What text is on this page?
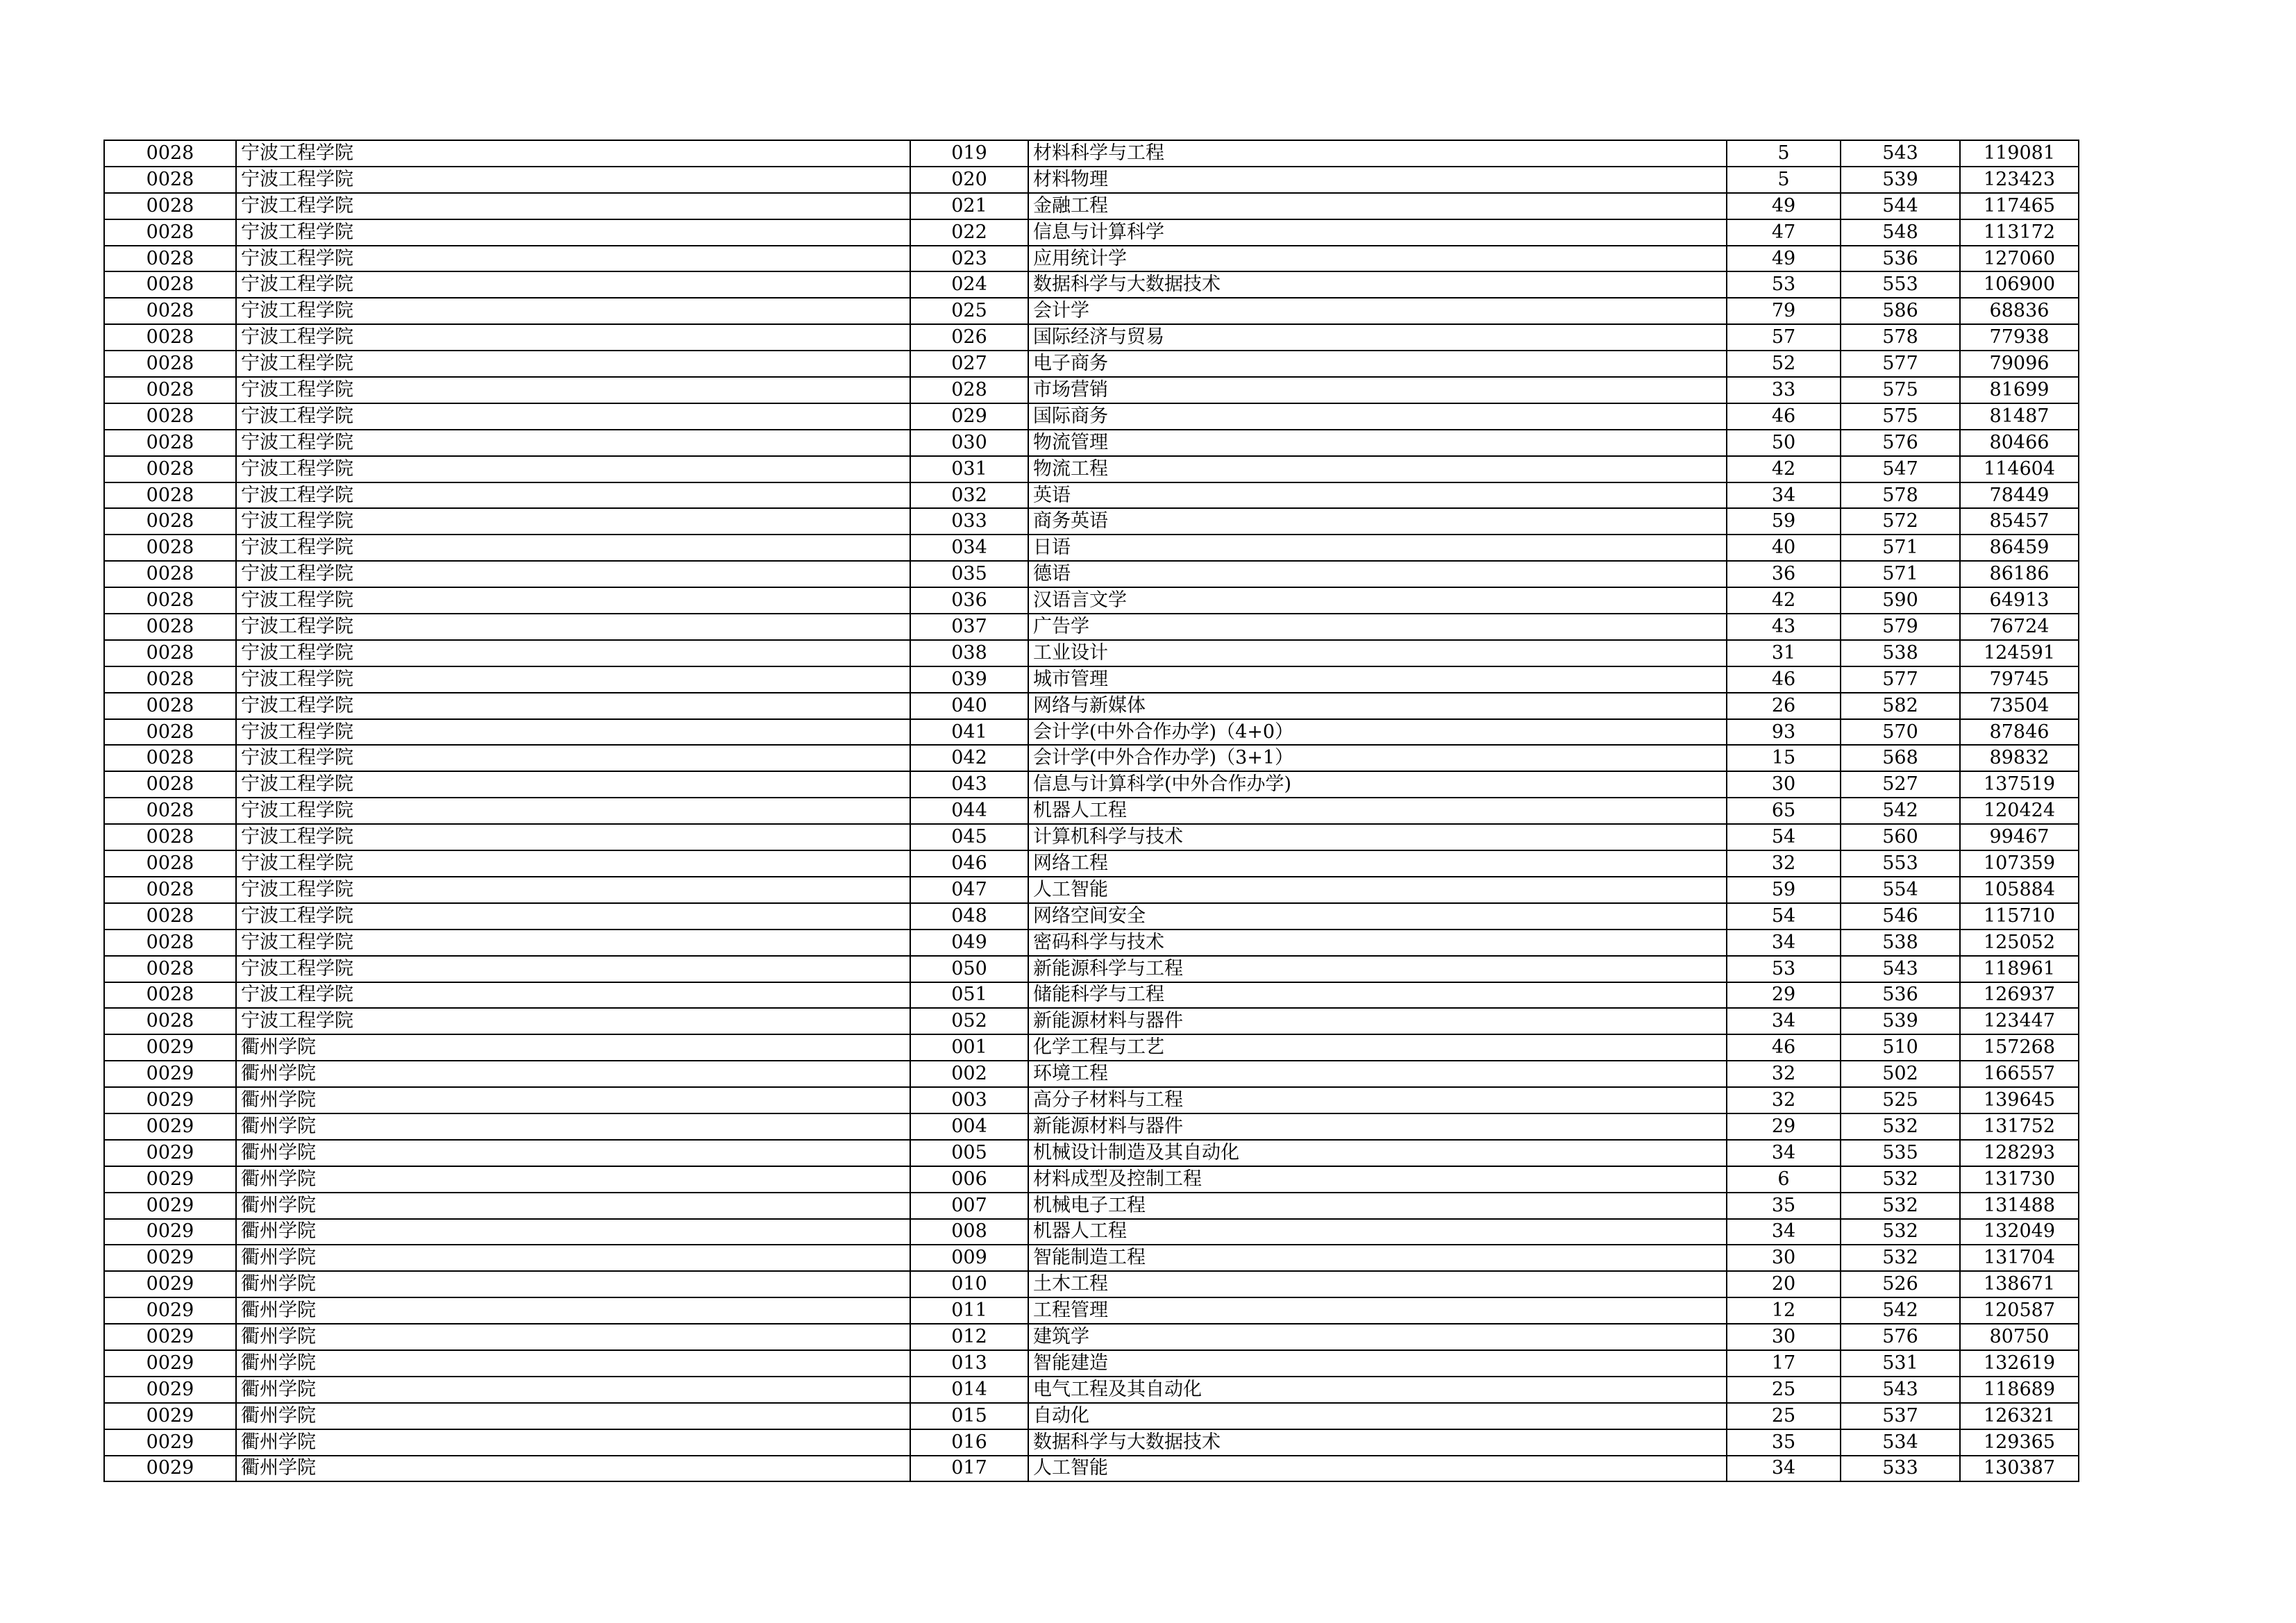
0028	宁波工程学院	019	材料科学与工程	5	543	119081
0028	宁波工程学院	020	材料物理	5	539	123423
0028	宁波工程学院	021	金融工程	49	544	117465
0028	宁波工程学院	022	信息与计算科学	47	548	113172
0028	宁波工程学院	023	应用统计学	49	536	127060
0028	宁波工程学院	024	数据科学与大数据技术	53	553	106900
0028	宁波工程学院	025	会计学	79	586	68836
0028	宁波工程学院	026	国际经济与贸易	57	578	77938
0028	宁波工程学院	027	电子商务	52	577	79096
0028	宁波工程学院	028	市场营销	33	575	81699
0028	宁波工程学院	029	国际商务	46	575	81487
0028	宁波工程学院	030	物流管理	50	576	80466
0028	宁波工程学院	031	物流工程	42	547	114604
0028	宁波工程学院	032	英语	34	578	78449
0028	宁波工程学院	033	商务英语	59	572	85457
0028	宁波工程学院	034	日语	40	571	86459
0028	宁波工程学院	035	德语	36	571	86186
0028	宁波工程学院	036	汉语言文学	42	590	64913
0028	宁波工程学院	037	广告学	43	579	76724
0028	宁波工程学院	038	工业设计	31	538	124591
0028	宁波工程学院	039	城市管理	46	577	79745
0028	宁波工程学院	040	网络与新媒体	26	582	73504
0028	宁波工程学院	041	会计学(中外合作办学)（4+0）	93	570	87846
0028	宁波工程学院	042	会计学(中外合作办学)（3+1）	15	568	89832
0028	宁波工程学院	043	信息与计算科学(中外合作办学)	30	527	137519
0028	宁波工程学院	044	机器人工程	65	542	120424
0028	宁波工程学院	045	计算机科学与技术	54	560	99467
0028	宁波工程学院	046	网络工程	32	553	107359
0028	宁波工程学院	047	人工智能	59	554	105884
0028	宁波工程学院	048	网络空间安全	54	546	115710
0028	宁波工程学院	049	密码科学与技术	34	538	125052
0028	宁波工程学院	050	新能源科学与工程	53	543	118961
0028	宁波工程学院	051	储能科学与工程	29	536	126937
0028	宁波工程学院	052	新能源材料与器件	34	539	123447
0029	衢州学院	001	化学工程与工艺	46	510	157268
0029	衢州学院	002	环境工程	32	502	166557
0029	衢州学院	003	高分子材料与工程	32	525	139645
0029	衢州学院	004	新能源材料与器件	29	532	131752
0029	衢州学院	005	机械设计制造及其自动化	34	535	128293
0029	衢州学院	006	材料成型及控制工程	6	532	131730
0029	衢州学院	007	机械电子工程	35	532	131488
0029	衢州学院	008	机器人工程	34	532	132049
0029	衢州学院	009	智能制造工程	30	532	131704
0029	衢州学院	010	土木工程	20	526	138671
0029	衢州学院	011	工程管理	12	542	120587
0029	衢州学院	012	建筑学	30	576	80750
0029	衢州学院	013	智能建造	17	531	132619
0029	衢州学院	014	电气工程及其自动化	25	543	118689
0029	衢州学院	015	自动化	25	537	126321
0029	衢州学院	016	数据科学与大数据技术	35	534	129365
0029	衢州学院	017	人工智能	34	533	130387
